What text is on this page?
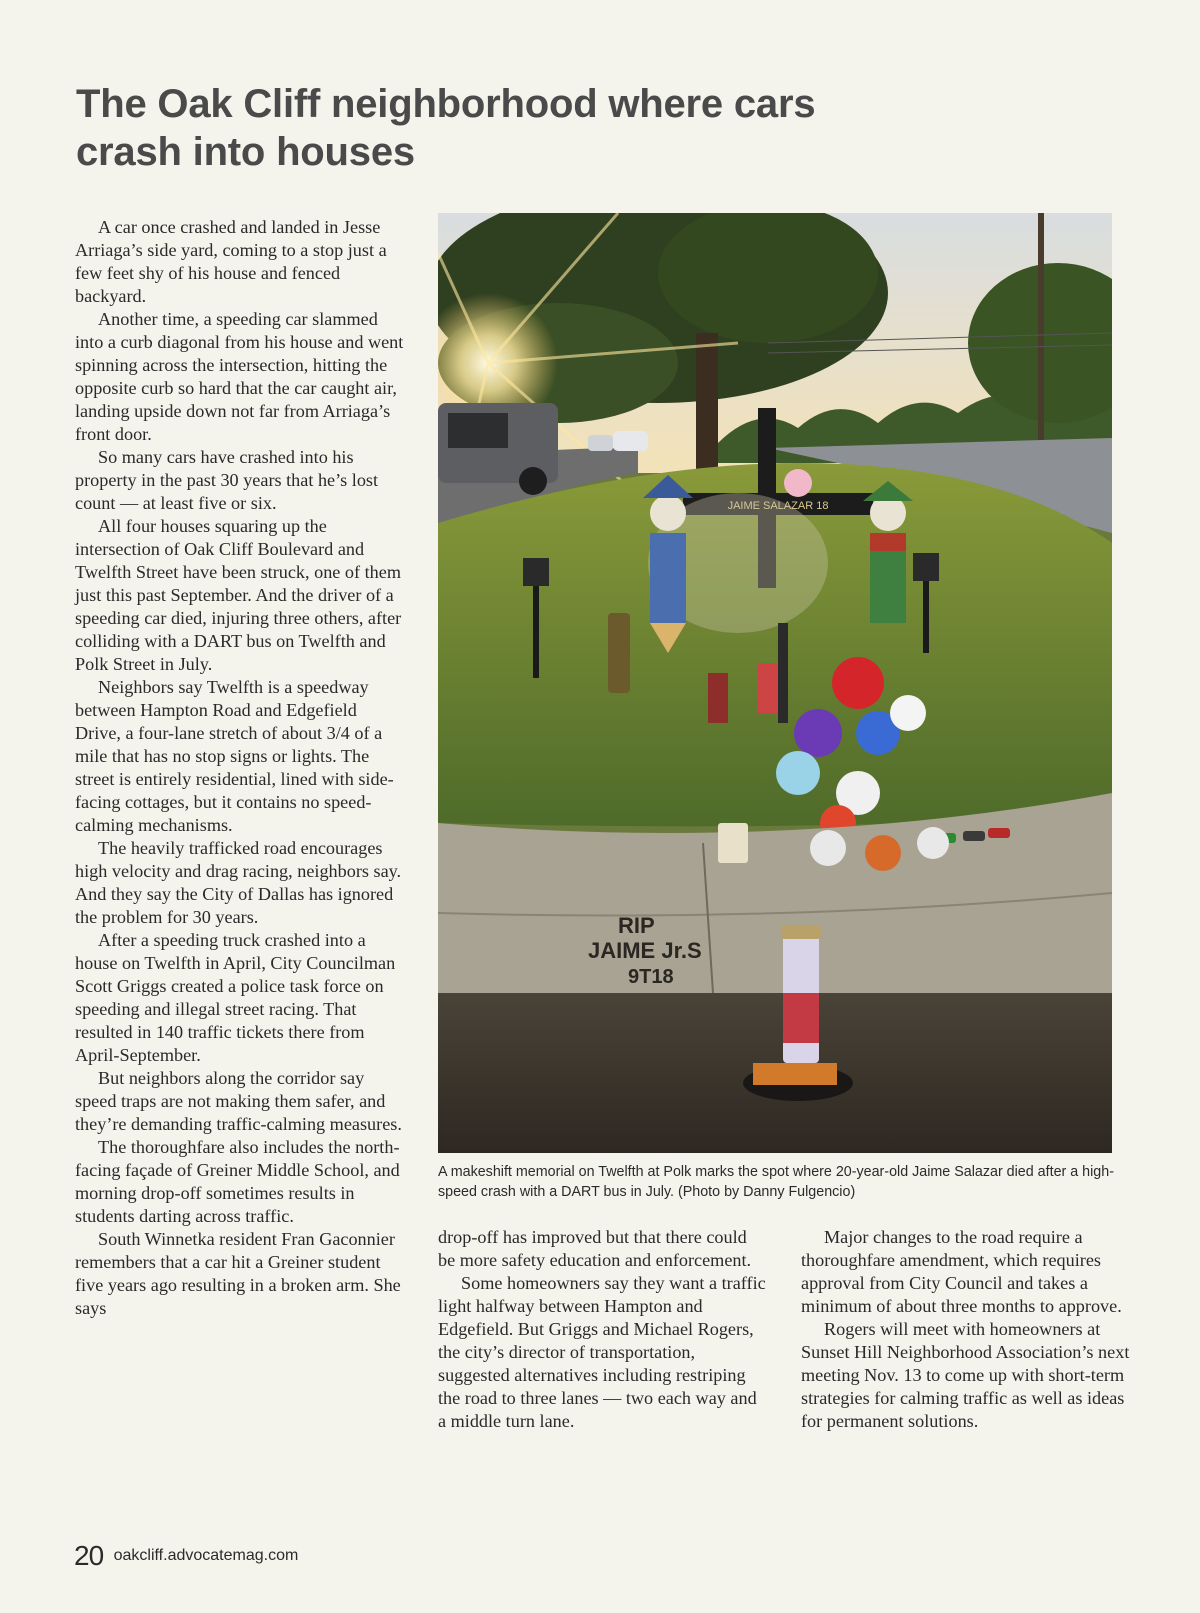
The Oak Cliff neighborhood where cars crash into houses

A car once crashed and landed in Jesse Arriaga’s side yard, coming to a stop just a few feet shy of his house and fenced backyard.

Another time, a speeding car slammed into a curb diagonal from his house and went spinning across the intersection, hitting the opposite curb so hard that the car caught air, landing upside down not far from Arriaga’s front door.

So many cars have crashed into his property in the past 30 years that he’s lost count — at least five or six.

All four houses squaring up the intersection of Oak Cliff Boulevard and Twelfth Street have been struck, one of them just this past September. And the driver of a speeding car died, injuring three others, after colliding with a DART bus on Twelfth and Polk Street in July.

Neighbors say Twelfth is a speedway between Hampton Road and Edgefield Drive, a four-lane stretch of about 3/4 of a mile that has no stop signs or lights. The street is entirely residential, lined with side-facing cottages, but it contains no speed-calming mechanisms.

The heavily trafficked road encourages high velocity and drag racing, neighbors say. And they say the City of Dallas has ignored the problem for 30 years.

After a speeding truck crashed into a house on Twelfth in April, City Councilman Scott Griggs created a police task force on speeding and illegal street racing. That resulted in 140 traffic tickets there from April-September.

But neighbors along the corridor say speed traps are not making them safer, and they’re demanding traffic-calming measures.

The thoroughfare also includes the north-facing façade of Greiner Middle School, and morning drop-off sometimes results in students darting across traffic.

South Winnetka resident Fran Gaconnier remembers that a car hit a Greiner student five years ago resulting in a broken arm. She says

JAIME SALAZAR 18
RIP
JAIME Jr.S
9T18
A makeshift memorial on Twelfth at Polk marks the spot where 20-year-old Jaime Salazar died after a high-speed crash with a DART bus in July. (Photo by Danny Fulgencio)

drop-off has improved but that there could be more safety education and enforcement.

Some homeowners say they want a traffic light halfway between Hampton and Edgefield. But Griggs and Michael Rogers, the city’s director of transportation, suggested alternatives including restriping the road to three lanes — two each way and a middle turn lane.

Major changes to the road require a thoroughfare amendment, which requires approval from City Council and takes a minimum of about three months to approve.

Rogers will meet with homeowners at Sunset Hill Neighborhood Association’s next meeting Nov. 13 to come up with short-term strategies for calming traffic as well as ideas for permanent solutions.

20 oakcliff.advocatemag.com
